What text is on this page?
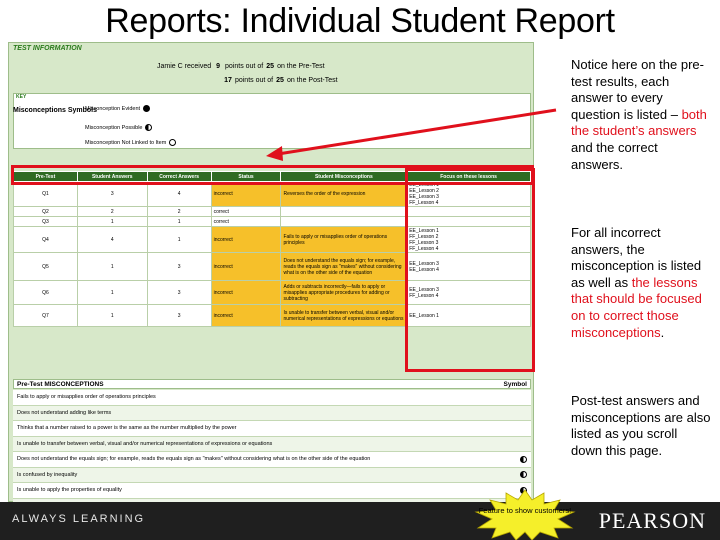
Reports: Individual Student Report
TEST INFORMATION
Jamie C received 9 points out of 25 on the Pre-Test
17 points out of 25 on the Post-Test
KEY
Misconceptions Symbols
Misconception Evident
Misconception Possible
Misconception Not Linked to Item
Pre-Test	Student Answers	Correct Answers	Status	Student Misconceptions	Focus on these lessons
Q1	3	4	incorrect	Reverses the order of the expression	EE_Lesson 1
EE_Lesson 2
EE_Lesson 3
FF_Lesson 4
Q2	2	2	correct		
Q3	1	1	correct		
Q4	4	1	incorrect	Fails to apply or misapplies order of operations principles	EE_Lesson 1
FF_Lesson 2
FF_Lesson 3
FF_Lesson 4
Q5	1	3	incorrect	Does not understand the equals sign; for example, reads the equals sign as "makes" without considering what is on the other side of the equation	EE_Lesson 3
EE_Lesson 4
Q6	1	3	incorrect	Adds or subtracts incorrectly—fails to apply or misapplies appropriate procedures for adding or subtracting	EE_Lesson 3
FF_Lesson 4
Q7	1	3	incorrect	Is unable to transfer between verbal, visual and/or numerical representations of expressions or equations	EE_Lesson 1
Pre-Test MISCONCEPTIONS	Symbol
Fails to apply or misapplies order of operations principles
Does not understand adding like terms
Thinks that a number raised to a power is the same as the number multiplied by the power
Is unable to transfer between verbal, visual and/or numerical representations of expressions or equations
Does not understand the equals sign; for example, reads the equals sign as "makes" without considering what is on the other side of the equation
Is confused by inequality
Is unable to apply the properties of equality
Notice here on the pre-test results, each answer to every question is listed – both the student’s answers and the correct answers.
For all incorrect answers, the misconception is listed as well as the lessons that should be focused on to correct those misconceptions.
Post-test answers and misconceptions are also listed as you scroll down this page.
ALWAYS LEARNING
Feature to show customers! PEARSON
